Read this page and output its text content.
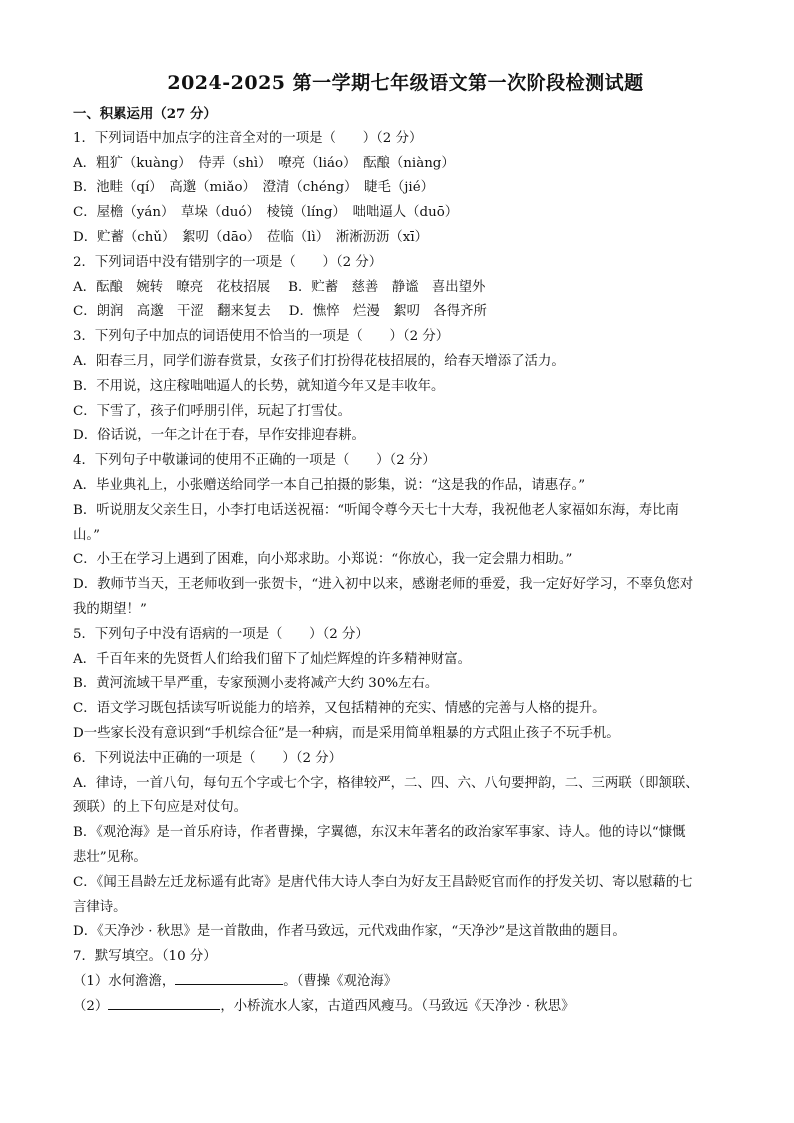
2024-2025 第一学期七年级语文第一次阶段检测试题
一、积累运用（27 分）
1．下列词语中加点字的注音全对的一项是（　　）（2 分）
A．粗犷（kuàng）　侍弄（shì）　嘹亮（liáo）　酝酿（niàng）
B．池畦（qí）　高邈（miǎo）　澄清（chéng）　睫毛（jié）
C．屋檐（yán）　草垛（duó）　棱镜（líng）　咄咄逼人（duō）
D．贮蓄（chǔ）　絮叨（dāo）　莅临（lì）　淅淅沥沥（xī）
2．下列词语中没有错别字的一项是（　　）（2 分）
A．酝酿　婉转　暸亮　花枝招展 B．贮蓄　慈善　静谧　喜出望外
C．朗润　高邈　干涩　翻来复去 D．憔悴　烂漫　絮叨　各得齐所
3．下列句子中加点的词语使用不恰当的一项是（　　）（2 分）
A．阳春三月，同学们游春赏景，女孩子们打扮得花枝招展的，给春天增添了活力。
B．不用说，这庄稼咄咄逼人的长势，就知道今年又是丰收年。
C．下雪了，孩子们呼朋引伴，玩起了打雪仗。
D．俗话说，一年之计在于春，早作安排迎春耕。
4．下列句子中敬谦词的使用不正确的一项是（　　）（2 分）
A．毕业典礼上，小张赠送给同学一本自己拍摄的影集，说：“这是我的作品，请惠存。”
B．听说朋友父亲生日，小李打电话送祝福：“听闻令尊今天七十大寿，我祝他老人家福如东海，寿比南
山。”
C．小王在学习上遇到了困难，向小郑求助。小郑说：“你放心，我一定会鼎力相助。”
D．教师节当天，王老师收到一张贺卡，“进入初中以来，感谢老师的垂爱，我一定好好学习，不辜负您对
我的期望！”
5．下列句子中没有语病的一项是（　　）（2 分）
A．千百年来的先贤哲人们给我们留下了灿烂辉煌的许多精神财富。
B．黄河流域干旱严重，专家预测小麦将减产大约 30%左右。
C．语文学习既包括读写听说能力的培养，又包括精神的充实、情感的完善与人格的提升。
D一些家长没有意识到“手机综合征”是一种病，而是采用简单粗暴的方式阻止孩子不玩手机。
6．下列说法中正确的一项是（　　）（2 分）
A．律诗，一首八句，每句五个字或七个字，格律较严，二、四、六、八句要押韵，二、三两联（即颔联、
颈联）的上下句应是对仗句。
B．《观沧海》是一首乐府诗，作者曹操，字翼德，东汉末年著名的政治家军事家、诗人。他的诗以“慷慨
悲壮”见称。
C．《闻王昌龄左迁龙标遥有此寄》是唐代伟大诗人李白为好友王昌龄贬官而作的抒发关切、寄以慰藉的七
言律诗。
D．《天净沙 · 秋思》是一首散曲，作者马致远，元代戏曲作家，“天净沙”是这首散曲的题目。
7．默写填空。（10 分）
（1）水何澹澹，	。（曹操《观沧海》
（2）	，小桥流水人家，古道西风瘦马。（马致远《天净沙 · 秋思》
